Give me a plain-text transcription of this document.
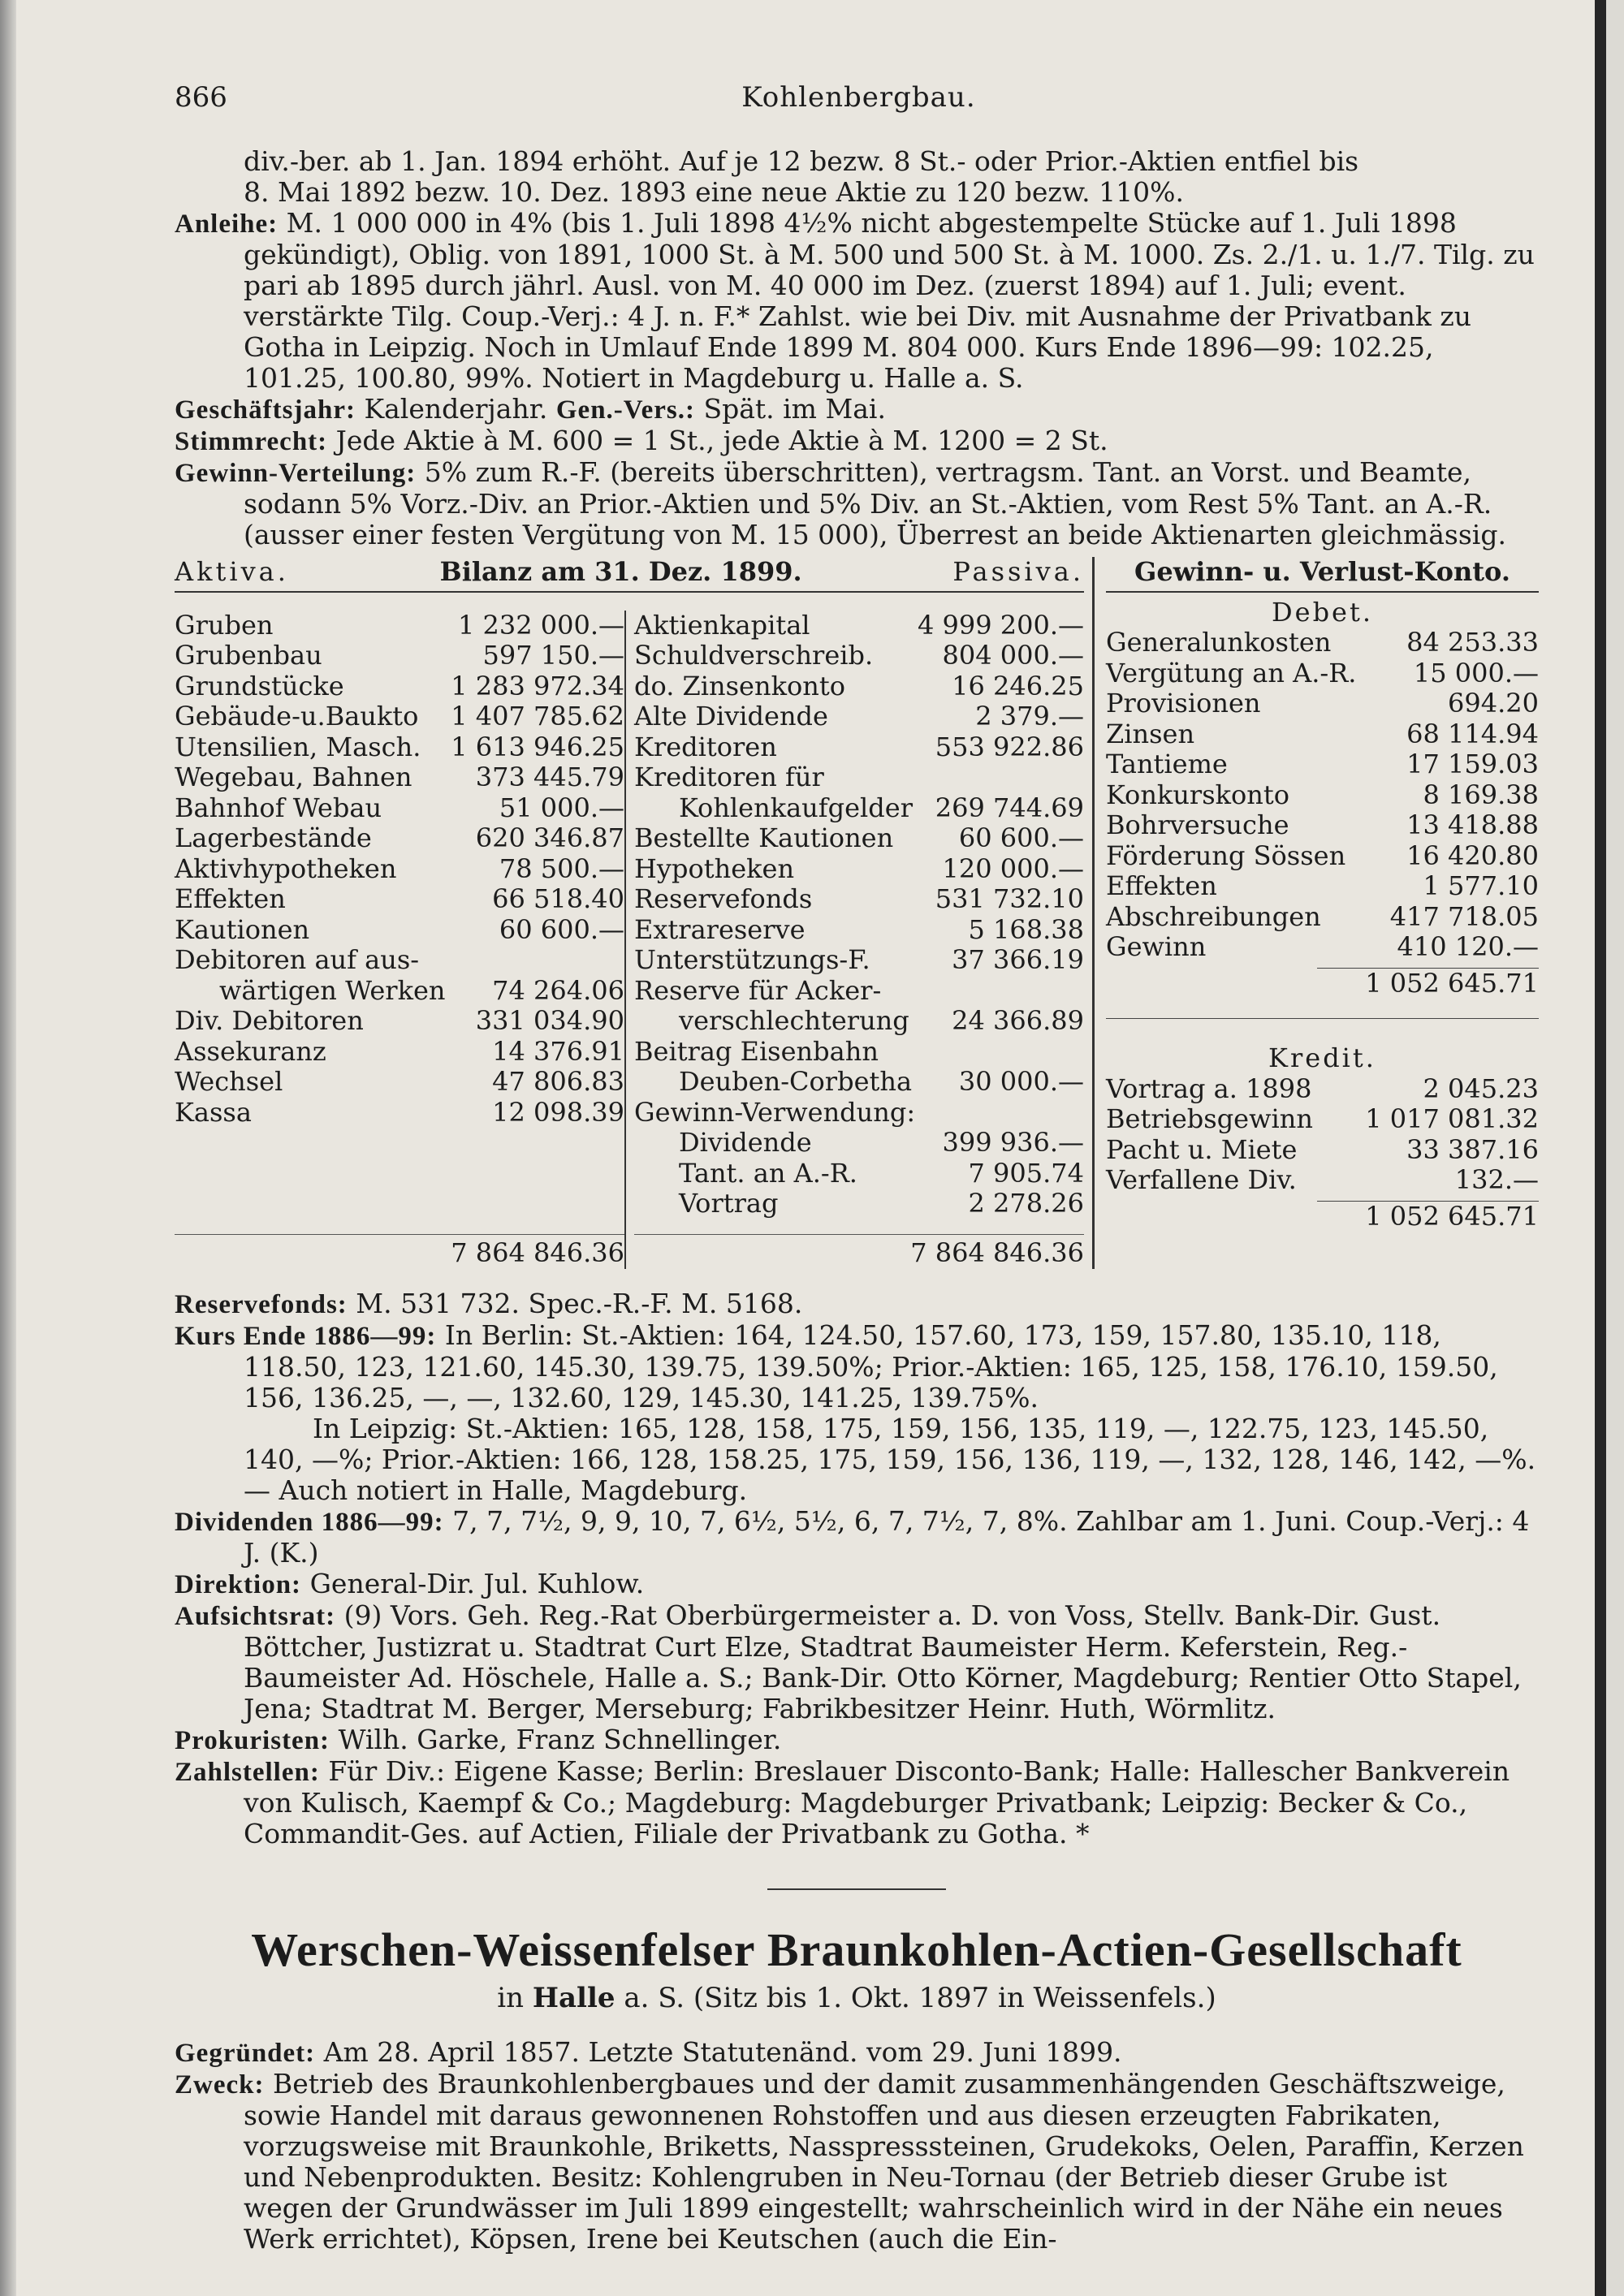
866	Kohlenbergbau.

div.-ber. ab 1. Jan. 1894 erhöht. Auf je 12 bezw. 8 St.- oder Prior.-Aktien entfiel bis

8. Mai 1892 bezw. 10. Dez. 1893 eine neue Aktie zu 120 bezw. 110%.

Anleihe: M. 1 000 000 in 4% (bis 1. Juli 1898 4½% nicht abgestempelte Stücke auf 1. Juli 1898 gekündigt), Oblig. von 1891, 1000 St. à M. 500 und 500 St. à M. 1000. Zs. 2./1. u. 1./7. Tilg. zu pari ab 1895 durch jährl. Ausl. von M. 40 000 im Dez. (zuerst 1894) auf 1. Juli; event. verstärkte Tilg. Coup.-Verj.: 4 J. n. F.* Zahlst. wie bei Div. mit Ausnahme der Privatbank zu Gotha in Leipzig. Noch in Umlauf Ende 1899 M. 804 000. Kurs Ende 1896—99: 102.25, 101.25, 100.80, 99%. Notiert in Magdeburg u. Halle a. S.

Geschäftsjahr: Kalenderjahr. Gen.-Vers.: Spät. im Mai.

Stimmrecht: Jede Aktie à M. 600 = 1 St., jede Aktie à M. 1200 = 2 St.

Gewinn-Verteilung: 5% zum R.-F. (bereits überschritten), vertragsm. Tant. an Vorst. und Beamte, sodann 5% Vorz.-Div. an Prior.-Aktien und 5% Div. an St.-Aktien, vom Rest 5% Tant. an A.-R. (ausser einer festen Vergütung von M. 15 000), Überrest an beide Aktienarten gleichmässig.

Aktiva.	Bilanz am 31. Dez. 1899.	Passiva.
Gruben	1 232 000.—
Grubenbau	597 150.—
Grundstücke	1 283 972.34
Gebäude-u.Baukto 1 407 785.62
Utensilien, Masch. 1 613 946.25
Wegebau, Bahnen 373 445.79
Bahnhof Webau	51 000.—
Lagerbestände	620 346.87
Aktivhypotheken	78 500.—
Effekten	66 518.40
Kautionen	60 600.—
Debitoren auf aus-
wärtigen Werken 74 264.06
Div. Debitoren	331 034.90
Assekuranz	14 376.91
Wechsel	47 806.83
Kassa	12 098.39
7 864 846.36
Aktienkapital	4 999 200.—
Schuldverschreib.	804 000.—
do. Zinsenkonto	16 246.25
Alte Dividende	2 379.—
Kreditoren	553 922.86
Kreditoren für
Kohlenkaufgelder 269 744.69
Bestellte Kautionen	60 600.—
Hypotheken	120 000.—
Reservefonds	531 732.10
Extrareserve	5 168.38
Unterstützungs-F.	37 366.19
Reserve für Acker-
verschlechterung 24 366.89
Beitrag Eisenbahn
Deuben-Corbetha 30 000.—
Gewinn-Verwendung:
Dividende	399 936.—
Tant. an A.-R.	7 905.74
Vortrag	2 278.26
7 864 846.36
Gewinn- u. Verlust-Konto.
Debet.
Generalunkosten	84 253.33
Vergütung an A.-R. 15 000.—
Provisionen	694.20
Zinsen	68 114.94
Tantieme	17 159.03
Konkurskonto	8 169.38
Bohrversuche	13 418.88
Förderung Sössen 16 420.80
Effekten	1 577.10
Abschreibungen	417 718.05
Gewinn	410 120.—
1 052 645.71
Kredit.
Vortrag a. 1898	2 045.23
Betriebsgewinn 1 017 081.32
Pacht u. Miete	33 387.16
Verfallene Div.	132.—
1 052 645.71

Reservefonds: M. 531 732. Spec.-R.-F. M. 5168.

Kurs Ende 1886—99: In Berlin: St.-Aktien: 164, 124.50, 157.60, 173, 159, 157.80, 135.10, 118, 118.50, 123, 121.60, 145.30, 139.75, 139.50%; Prior.-Aktien: 165, 125, 158, 176.10, 159.50, 156, 136.25, —, —, 132.60, 129, 145.30, 141.25, 139.75%.

In Leipzig: St.-Aktien: 165, 128, 158, 175, 159, 156, 135, 119, —, 122.75, 123, 145.50, 140, —%; Prior.-Aktien: 166, 128, 158.25, 175, 159, 156, 136, 119, —, 132, 128, 146, 142, —%. — Auch notiert in Halle, Magdeburg.

Dividenden 1886—99: 7, 7, 7½, 9, 9, 10, 7, 6½, 5½, 6, 7, 7½, 7, 8%. Zahlbar am 1. Juni. Coup.-Verj.: 4 J. (K.)

Direktion: General-Dir. Jul. Kuhlow.

Aufsichtsrat: (9) Vors. Geh. Reg.-Rat Oberbürgermeister a. D. von Voss, Stellv. Bank-Dir. Gust. Böttcher, Justizrat u. Stadtrat Curt Elze, Stadtrat Baumeister Herm. Keferstein, Reg.-Baumeister Ad. Höschele, Halle a. S.; Bank-Dir. Otto Körner, Magdeburg; Rentier Otto Stapel, Jena; Stadtrat M. Berger, Merseburg; Fabrikbesitzer Heinr. Huth, Wörmlitz.

Prokuristen: Wilh. Garke, Franz Schnellinger.

Zahlstellen: Für Div.: Eigene Kasse; Berlin: Breslauer Disconto-Bank; Halle: Hallescher Bankverein von Kulisch, Kaempf & Co.; Magdeburg: Magdeburger Privatbank; Leipzig: Becker & Co., Commandit-Ges. auf Actien, Filiale der Privatbank zu Gotha. *

Werschen-Weissenfelser Braunkohlen-Actien-Gesellschaft
in Halle a. S. (Sitz bis 1. Okt. 1897 in Weissenfels.)

Gegründet: Am 28. April 1857. Letzte Statutenänd. vom 29. Juni 1899.

Zweck: Betrieb des Braunkohlenbergbaues und der damit zusammenhängenden Geschäftszweige, sowie Handel mit daraus gewonnenen Rohstoffen und aus diesen erzeugten Fabrikaten, vorzugsweise mit Braunkohle, Briketts, Nasspresssteinen, Grudekoks, Oelen, Paraffin, Kerzen und Nebenprodukten. Besitz: Kohlengruben in Neu-Tornau (der Betrieb dieser Grube ist wegen der Grundwässer im Juli 1899 eingestellt; wahrscheinlich wird in der Nähe ein neues Werk errichtet), Köpsen, Irene bei Keutschen (auch die Ein-
